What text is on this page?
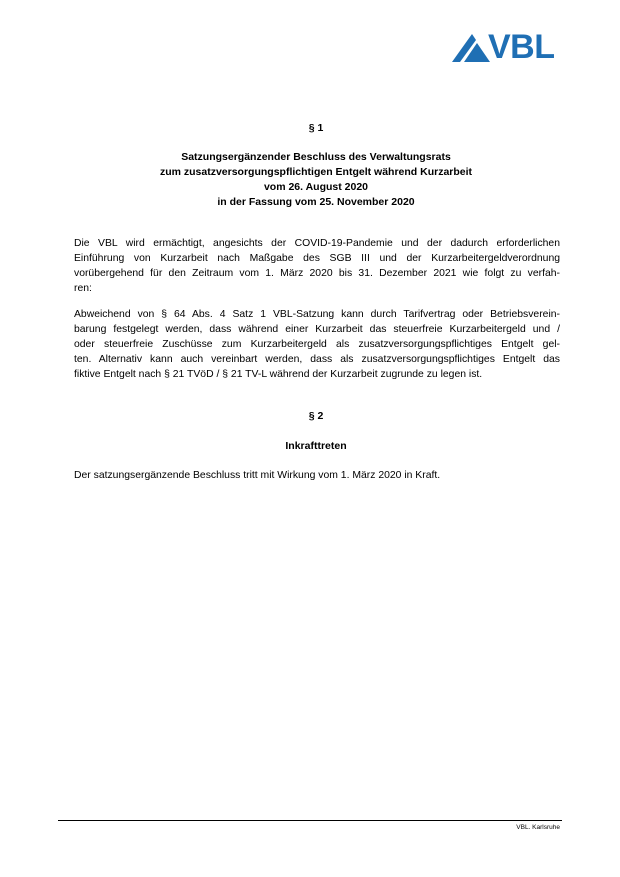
VBL
§ 1
Satzungsergänzender Beschluss des Verwaltungsrats
zum zusatzversorgungspflichtigen Entgelt während Kurzarbeit
vom 26. August 2020
in der Fassung vom 25. November 2020
Die VBL wird ermächtigt, angesichts der COVID-19-Pandemie und der dadurch erforderlichen
Einführung von Kurzarbeit nach Maßgabe des SGB III und der Kurzarbeitergeldverordnung
vorübergehend für den Zeitraum vom 1. März 2020 bis 31. Dezember 2021 wie folgt zu verfah-
ren:
Abweichend von § 64 Abs. 4 Satz 1 VBL-Satzung kann durch Tarifvertrag oder Betriebsverein-
barung festgelegt werden, dass während einer Kurzarbeit das steuerfreie Kurzarbeitergeld und /
oder steuerfreie Zuschüsse zum Kurzarbeitergeld als zusatzversorgungspflichtiges Entgelt gel-
ten. Alternativ kann auch vereinbart werden, dass als zusatzversorgungspflichtiges Entgelt das
fiktive Entgelt nach § 21 TVöD / § 21 TV-L während der Kurzarbeit zugrunde zu legen ist.
§ 2
Inkrafttreten
Der satzungsergänzende Beschluss tritt mit Wirkung vom 1. März 2020 in Kraft.
VBL. Karlsruhe
